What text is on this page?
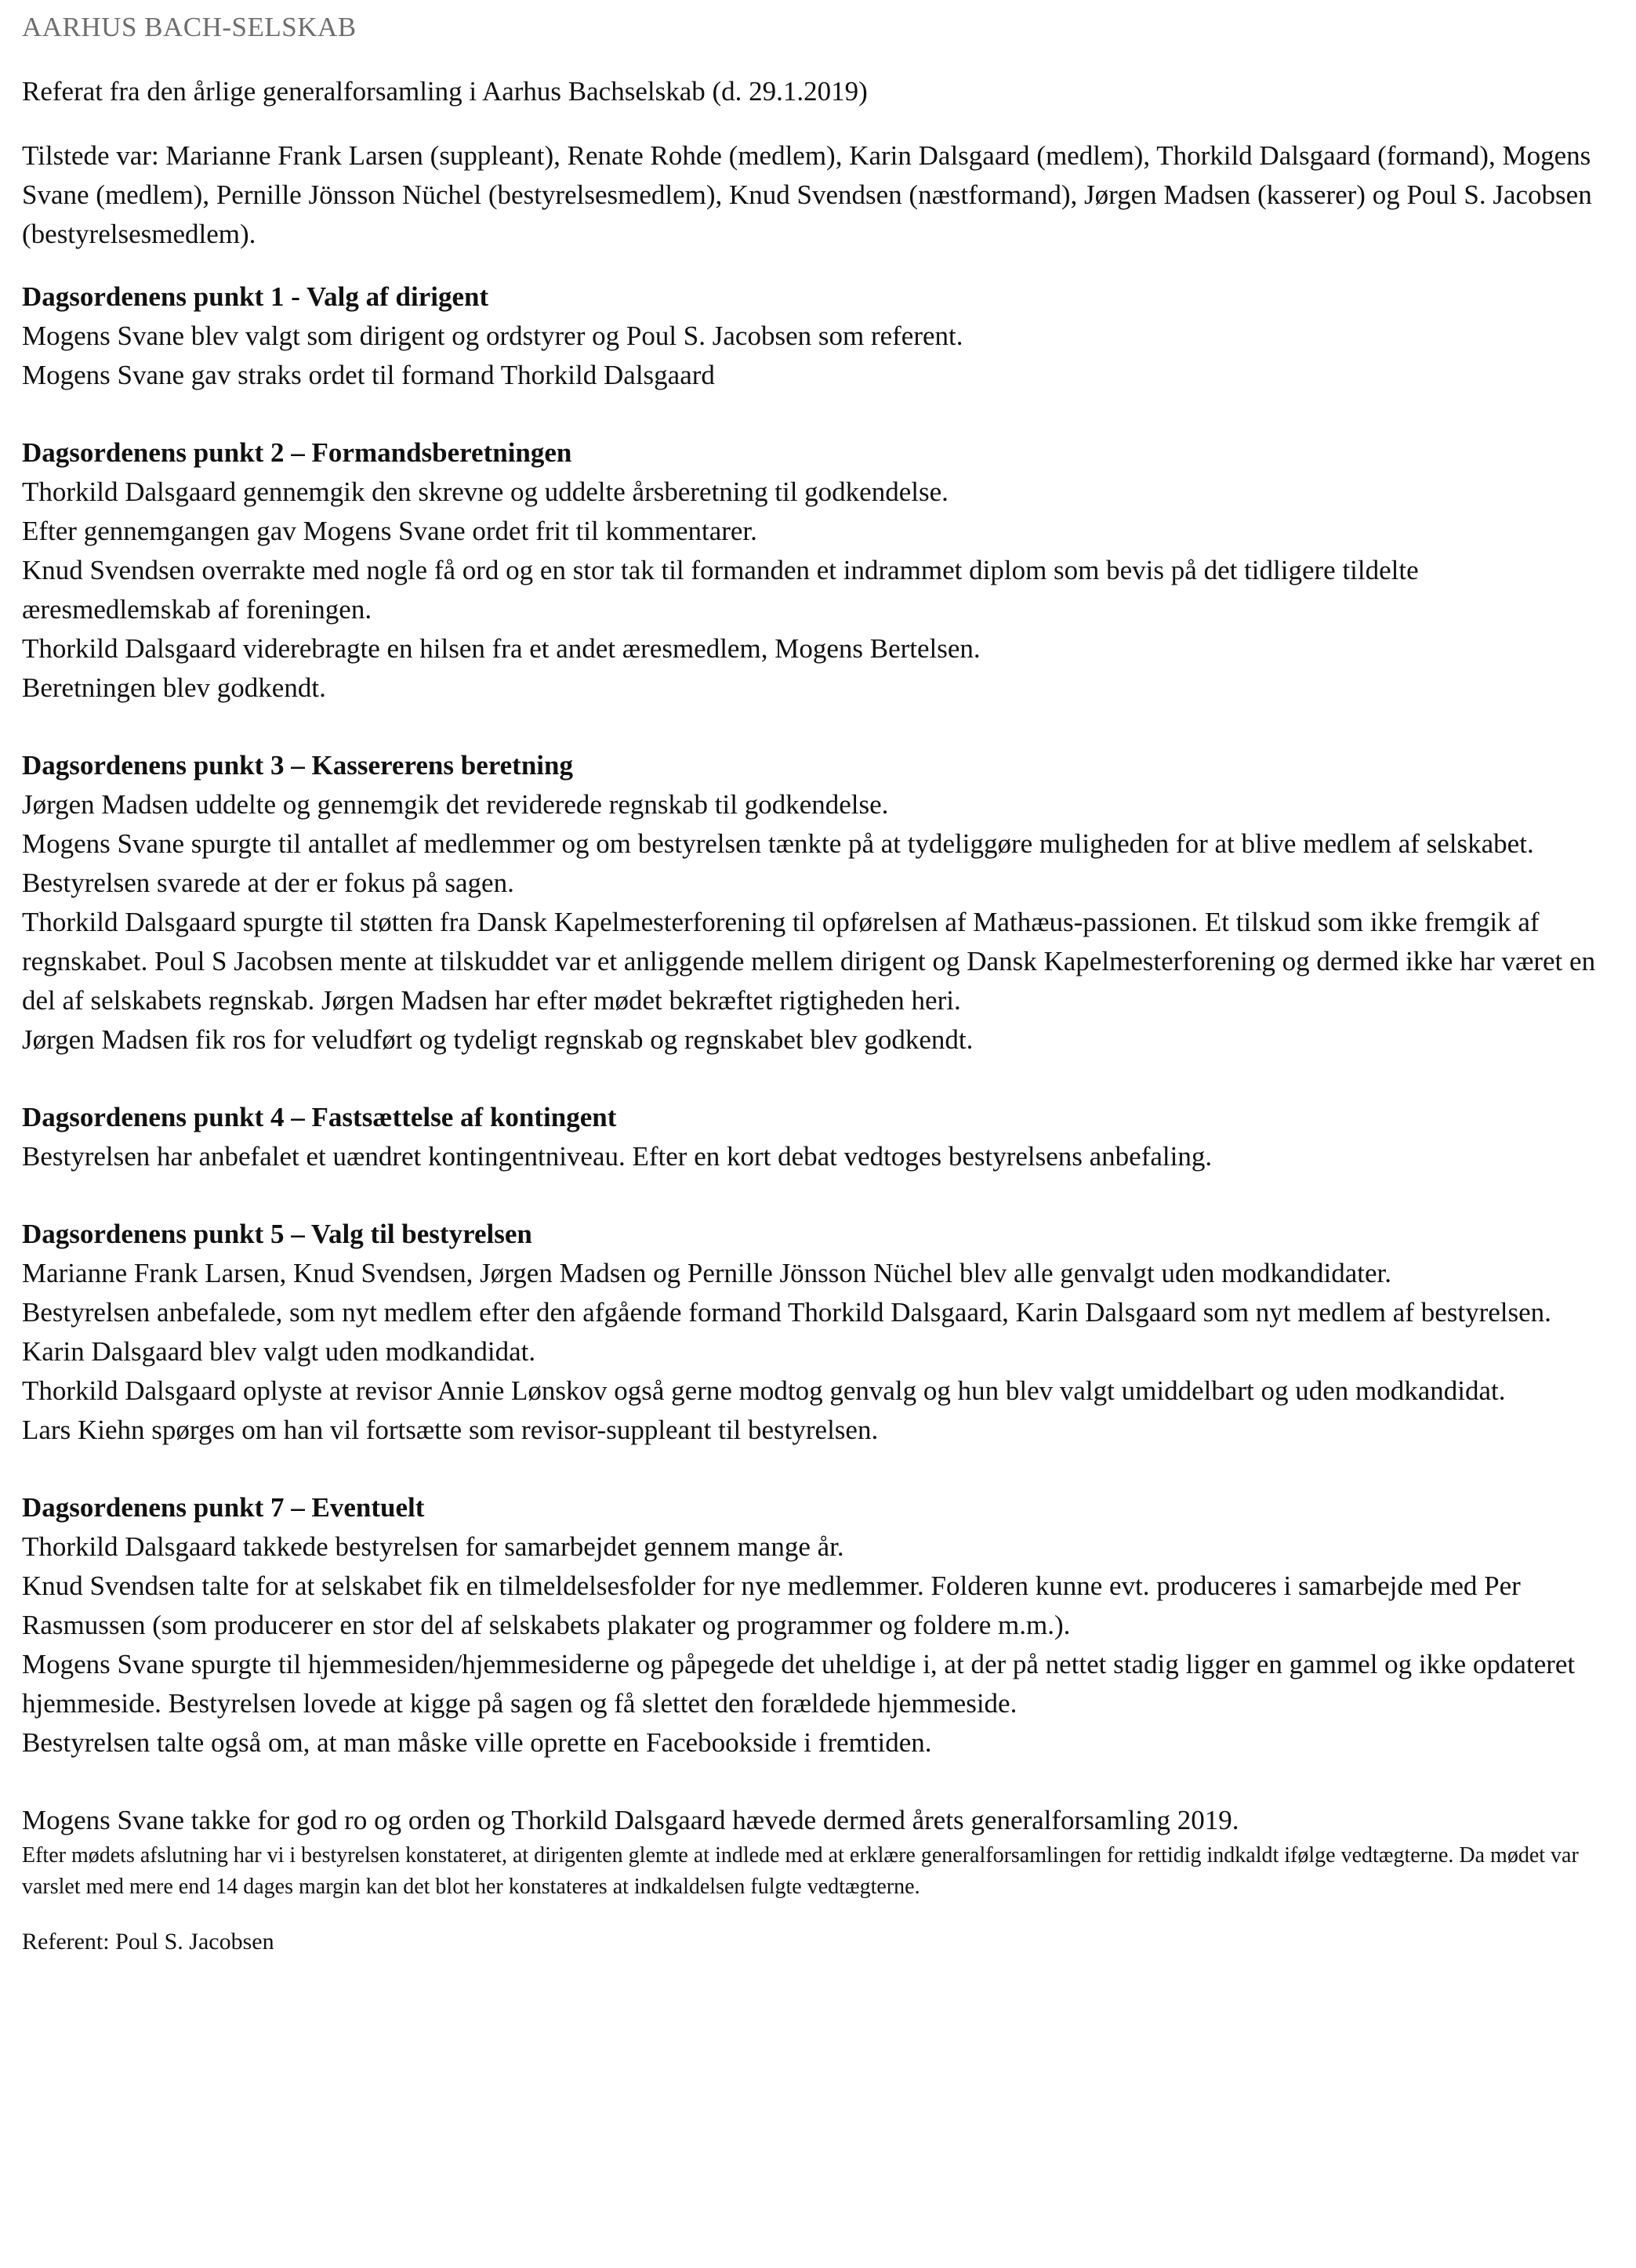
AARHUS BACH-SELSKAB

Referat fra den årlige generalforsamling i Aarhus Bachselskab (d. 29.1.2019)

Tilstede var: Marianne Frank Larsen (suppleant), Renate Rohde (medlem), Karin Dalsgaard (medlem), Thorkild Dalsgaard (formand), Mogens Svane (medlem), Pernille Jönsson Nüchel (bestyrelsesmedlem), Knud Svendsen (næstformand), Jørgen Madsen (kasserer) og Poul S. Jacobsen (bestyrelsesmedlem).

Dagsordenens punkt 1 - Valg af dirigent

Mogens Svane blev valgt som dirigent og ordstyrer og Poul S. Jacobsen som referent.

Mogens Svane gav straks ordet til formand Thorkild Dalsgaard

Dagsordenens punkt 2 – Formandsberetningen

Thorkild Dalsgaard gennemgik den skrevne og uddelte årsberetning til godkendelse.

Efter gennemgangen gav Mogens Svane ordet frit til kommentarer.

Knud Svendsen overrakte med nogle få ord og en stor tak til formanden et indrammet diplom som bevis på det tidligere tildelte æresmedlemskab af foreningen.

Thorkild Dalsgaard viderebragte en hilsen fra et andet æresmedlem, Mogens Bertelsen.

Beretningen blev godkendt.

Dagsordenens punkt 3 – Kassererens beretning

Jørgen Madsen uddelte og gennemgik det reviderede regnskab til godkendelse.

Mogens Svane spurgte til antallet af medlemmer og om bestyrelsen tænkte på at tydeliggøre muligheden for at blive medlem af selskabet. Bestyrelsen svarede at der er fokus på sagen.

Thorkild Dalsgaard spurgte til støtten fra Dansk Kapelmesterforening til opførelsen af Mathæus-passionen. Et tilskud som ikke fremgik af regnskabet. Poul S Jacobsen mente at tilskuddet var et anliggende mellem dirigent og Dansk Kapelmesterforening og dermed ikke har været en del af selskabets regnskab. Jørgen Madsen har efter mødet bekræftet rigtigheden heri.

Jørgen Madsen fik ros for veludført og tydeligt regnskab og regnskabet blev godkendt.

Dagsordenens punkt 4 – Fastsættelse af kontingent

Bestyrelsen har anbefalet et uændret kontingentniveau. Efter en kort debat vedtoges bestyrelsens anbefaling.

Dagsordenens punkt 5 – Valg til bestyrelsen

Marianne Frank Larsen, Knud Svendsen, Jørgen Madsen og Pernille Jönsson Nüchel blev alle genvalgt uden modkandidater.

Bestyrelsen anbefalede, som nyt medlem efter den afgående formand Thorkild Dalsgaard, Karin Dalsgaard som nyt medlem af bestyrelsen. Karin Dalsgaard blev valgt uden modkandidat.

Thorkild Dalsgaard oplyste at revisor Annie Lønskov også gerne modtog genvalg og hun blev valgt umiddelbart og uden modkandidat.

Lars Kiehn spørges om han vil fortsætte som revisor-suppleant til bestyrelsen.

Dagsordenens punkt 7 – Eventuelt

Thorkild Dalsgaard takkede bestyrelsen for samarbejdet gennem mange år.

Knud Svendsen talte for at selskabet fik en tilmeldelsesfolder for nye medlemmer. Folderen kunne evt. produceres i samarbejde med Per Rasmussen (som producerer en stor del af selskabets plakater og programmer og foldere m.m.).

Mogens Svane spurgte til hjemmesiden/hjemmesiderne og påpegede det uheldige i, at der på nettet stadig ligger en gammel og ikke opdateret hjemmeside. Bestyrelsen lovede at kigge på sagen og få slettet den forældede hjemmeside.

Bestyrelsen talte også om, at man måske ville oprette en Facebookside i fremtiden.

Mogens Svane takke for god ro og orden og Thorkild Dalsgaard hævede dermed årets generalforsamling 2019.

Efter mødets afslutning har vi i bestyrelsen konstateret, at dirigenten glemte at indlede med at erklære generalforsamlingen for rettidig indkaldt ifølge vedtægterne. Da mødet var varslet med mere end 14 dages margin kan det blot her konstateres at indkaldelsen fulgte vedtægterne.

Referent: Poul S. Jacobsen
